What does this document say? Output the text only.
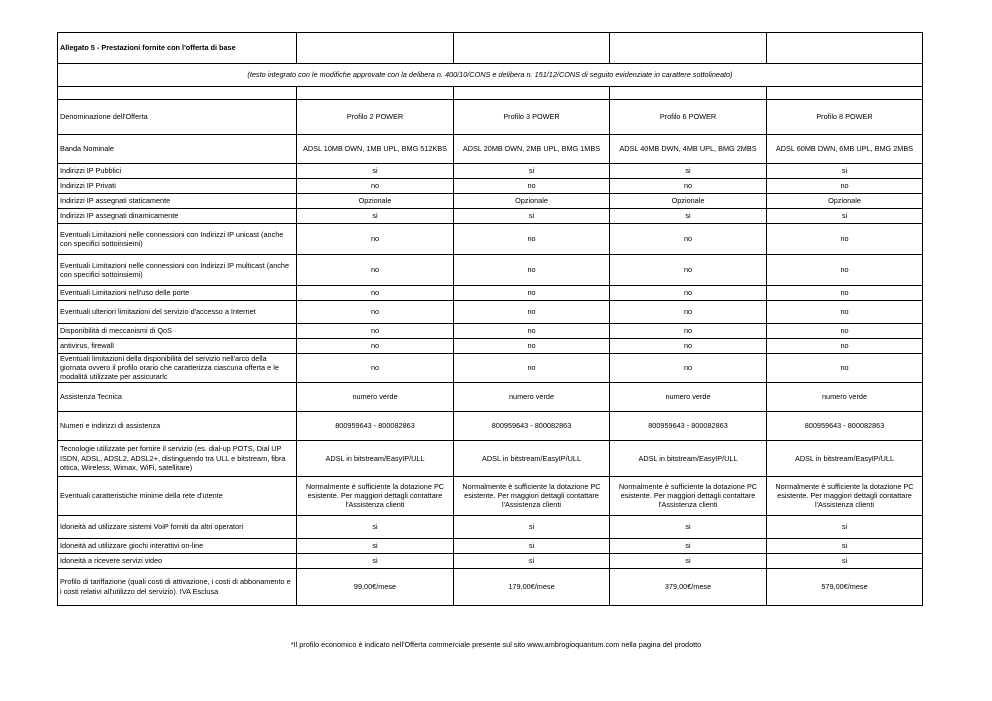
Allegato 5 - Prestazioni fornite con l'offerta di base				
(testo integrato con le modifiche approvate con la delibera n. 400/10/CONS e delibera n. 151/12/CONS di seguito evidenziate in carattere sottolineato)				

Denominazione dell'Offerta	Profilo 2 POWER	Profilo 3 POWER	Profilo 6 POWER	Profilo 8 POWER
Banda Nominale	ADSL 10MB DWN, 1MB UPL, BMG 512KBS	ADSL 20MB DWN, 2MB UPL, BMG 1MBS	ADSL 40MB DWN, 4MB UPL, BMG 2MBS	ADSL 60MB DWN, 6MB UPL, BMG 2MBS
Indirizzi IP Pubblici	si	si	si	si
Indirizzi IP Privati	no	no	no	no
Indirizzi IP assegnati staticamente	Opzionale	Opzionale	Opzionale	Opzionale
Indirizzi IP assegnati dinamicamente	si	si	si	si
Eventuali Limitazioni nelle connessioni con Indirizzi IP unicast (anche con specifici sottoinsiemi)	no	no	no	no
Eventuali Limitazioni nelle connessioni con Indirizzi IP multicast (anche con specifici sottoinsiemi)	no	no	no	no
Eventuali Limitazioni nell'uso delle porte	no	no	no	no
Eventuali ulteriori limitazioni del servizio d'accesso a Internet	no	no	no	no
Disponibilità di meccanismi di QoS	no	no	no	no
antivirus, firewall	no	no	no	no
Eventuali limitazioni della disponibilità del servizio nell'arco della giornata ovvero il profilo orario che caratterizza ciascuna offerta e le modalità utilizzate per assicurarlc	no	no	no	no
Assistenza Tecnica	numero verde	numero verde	numero verde	numero verde
Numeri e indirizzi di assistenza	800959643 - 800082863	800959643 - 800082863	800959643 - 800082863	800959643 - 800082863
Tecnologie utilizzate per fornire il servizio (es. dial-up POTS, Dial UP ISDN, ADSL, ADSL2, ADSL2+, distinguendo tra ULL e bitstream, fibra ottica, Wireless, Wimax, WiFi, satellitare)	ADSL in bitstream/EasyIP/ULL	ADSL in bitstream/EasyIP/ULL	ADSL in bitstream/EasyIP/ULL	ADSL in bitstream/EasyIP/ULL
Eventuali caratteristiche minime della rete d'utente	Normalmente è sufficiente la dotazione PC esistente. Per maggiori dettagli contattare l'Assistenza clienti	Normalmente è sufficiente la dotazione PC esistente. Per maggiori dettagli contattare l'Assistenza clienti	Normalmente è sufficiente la dotazione PC esistente. Per maggiori dettagli contattare l'Assistenza clienti	Normalmente è sufficiente la dotazione PC esistente. Per maggiori dettagli contattare l'Assistenza clienti
Idoneità ad utilizzare sistemi VoiP forniti da altri operatori	si	si	si	si
Idoneità ad utilizzare giochi interattivi on-line	si	si	si	si
Idoneità a ricevere servizi video	si	si	si	si
Profilo di tariffazione (quali costi di attivazione, i costi di abbonamento e i costi relativi all'utilizzo del servizio). IVA Esclusa	99,00€/mese	179,00€/mese	379,00€/mese	579,00€/mese
*Il profilo economico è indicato nell'Offerta commerciale presente sul sito www.ambrogioquantum.com nella pagina del prodotto
